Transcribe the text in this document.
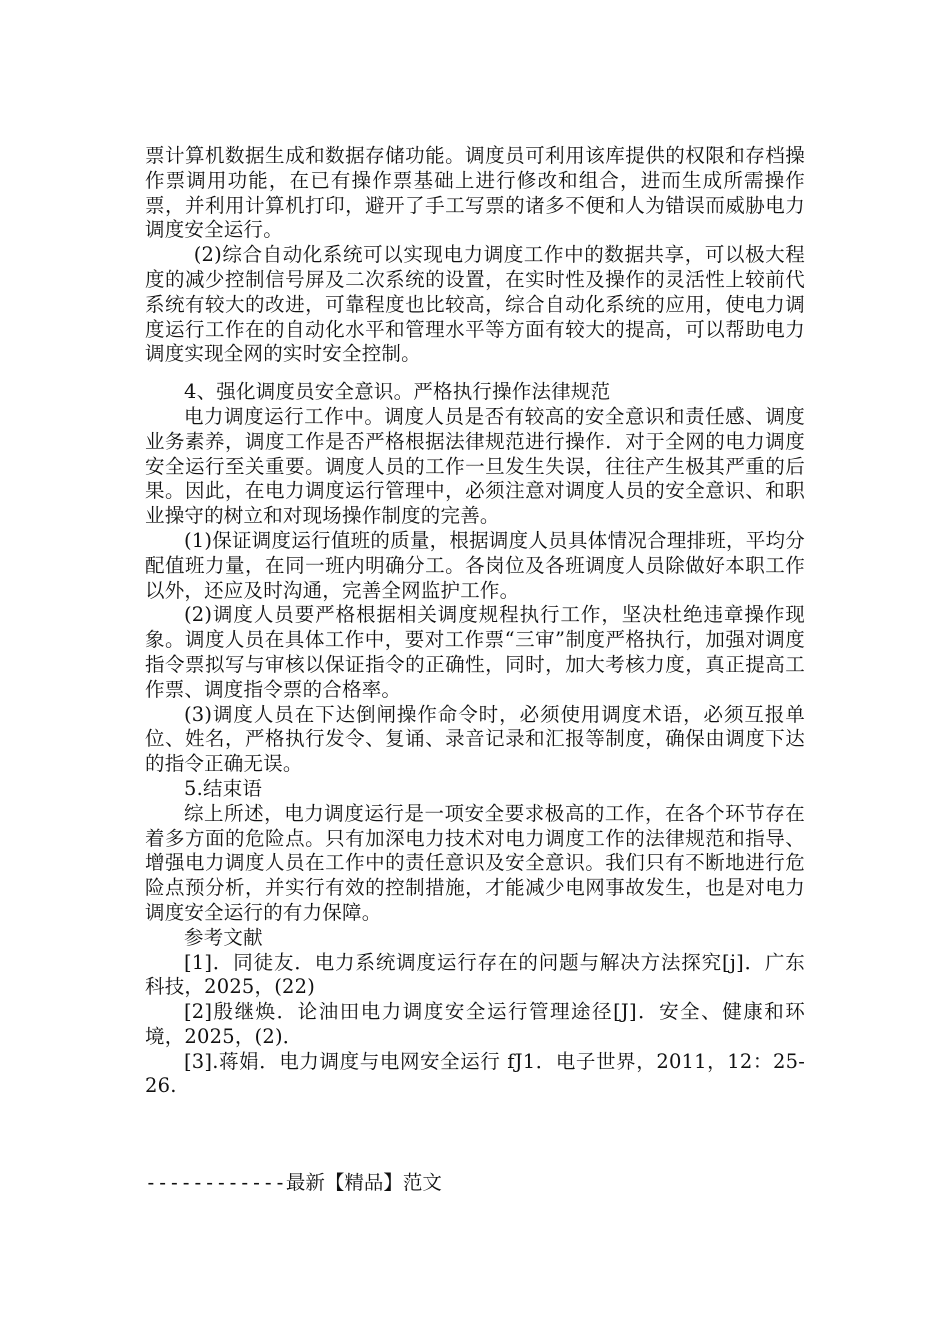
票计算机数据生成和数据存储功能。调度员可利用该库提供的权限和存档操作票调用功能，在已有操作票基础上进行修改和组合，进而生成所需操作票，并利用计算机打印，避开了手工写票的诸多不便和人为错误而威胁电力调度安全运行。

(2)综合自动化系统可以实现电力调度工作中的数据共享，可以极大程度的减少控制信号屏及二次系统的设置，在实时性及操作的灵活性上较前代系统有较大的改进，可靠程度也比较高，综合自动化系统的应用，使电力调度运行工作在的自动化水平和管理水平等方面有较大的提高，可以帮助电力调度实现全网的实时安全控制。

4、强化调度员安全意识。严格执行操作法律规范

电力调度运行工作中。调度人员是否有较高的安全意识和责任感、调度业务素养，调度工作是否严格根据法律规范进行操作．对于全网的电力调度安全运行至关重要。调度人员的工作一旦发生失误，往往产生极其严重的后果。因此，在电力调度运行管理中，必须注意对调度人员的安全意识、和职业操守的树立和对现场操作制度的完善。

(1)保证调度运行值班的质量，根据调度人员具体情况合理排班，平均分配值班力量，在同一班内明确分工。各岗位及各班调度人员除做好本职工作以外，还应及时沟通，完善全网监护工作。

(2)调度人员要严格根据相关调度规程执行工作，坚决杜绝违章操作现象。调度人员在具体工作中，要对工作票“三审”制度严格执行，加强对调度指令票拟写与审核以保证指令的正确性，同时，加大考核力度，真正提高工作票、调度指令票的合格率。

(3)调度人员在下达倒闸操作命令时，必须使用调度术语，必须互报单位、姓名，严格执行发令、复诵、录音记录和汇报等制度，确保由调度下达的指令正确无误。

5.结束语

综上所述，电力调度运行是一项安全要求极高的工作，在各个环节存在着多方面的危险点。只有加深电力技术对电力调度工作的法律规范和指导、增强电力调度人员在工作中的责任意识及安全意识。我们只有不断地进行危险点预分析，并实行有效的控制措施，才能减少电网事故发生，也是对电力调度安全运行的有力保障。

参考文献

[1]．同徒友．电力系统调度运行存在的问题与解决方法探究[j]．广东科技，2025，(22)

[2]殷继焕．论油田电力调度安全运行管理途径[J]．安全、健康和环境，2025，(2)．

[3].蒋娟．电力调度与电网安全运行 fJ1．电子世界，2011，12：25-26.

------------最新【精品】范文
